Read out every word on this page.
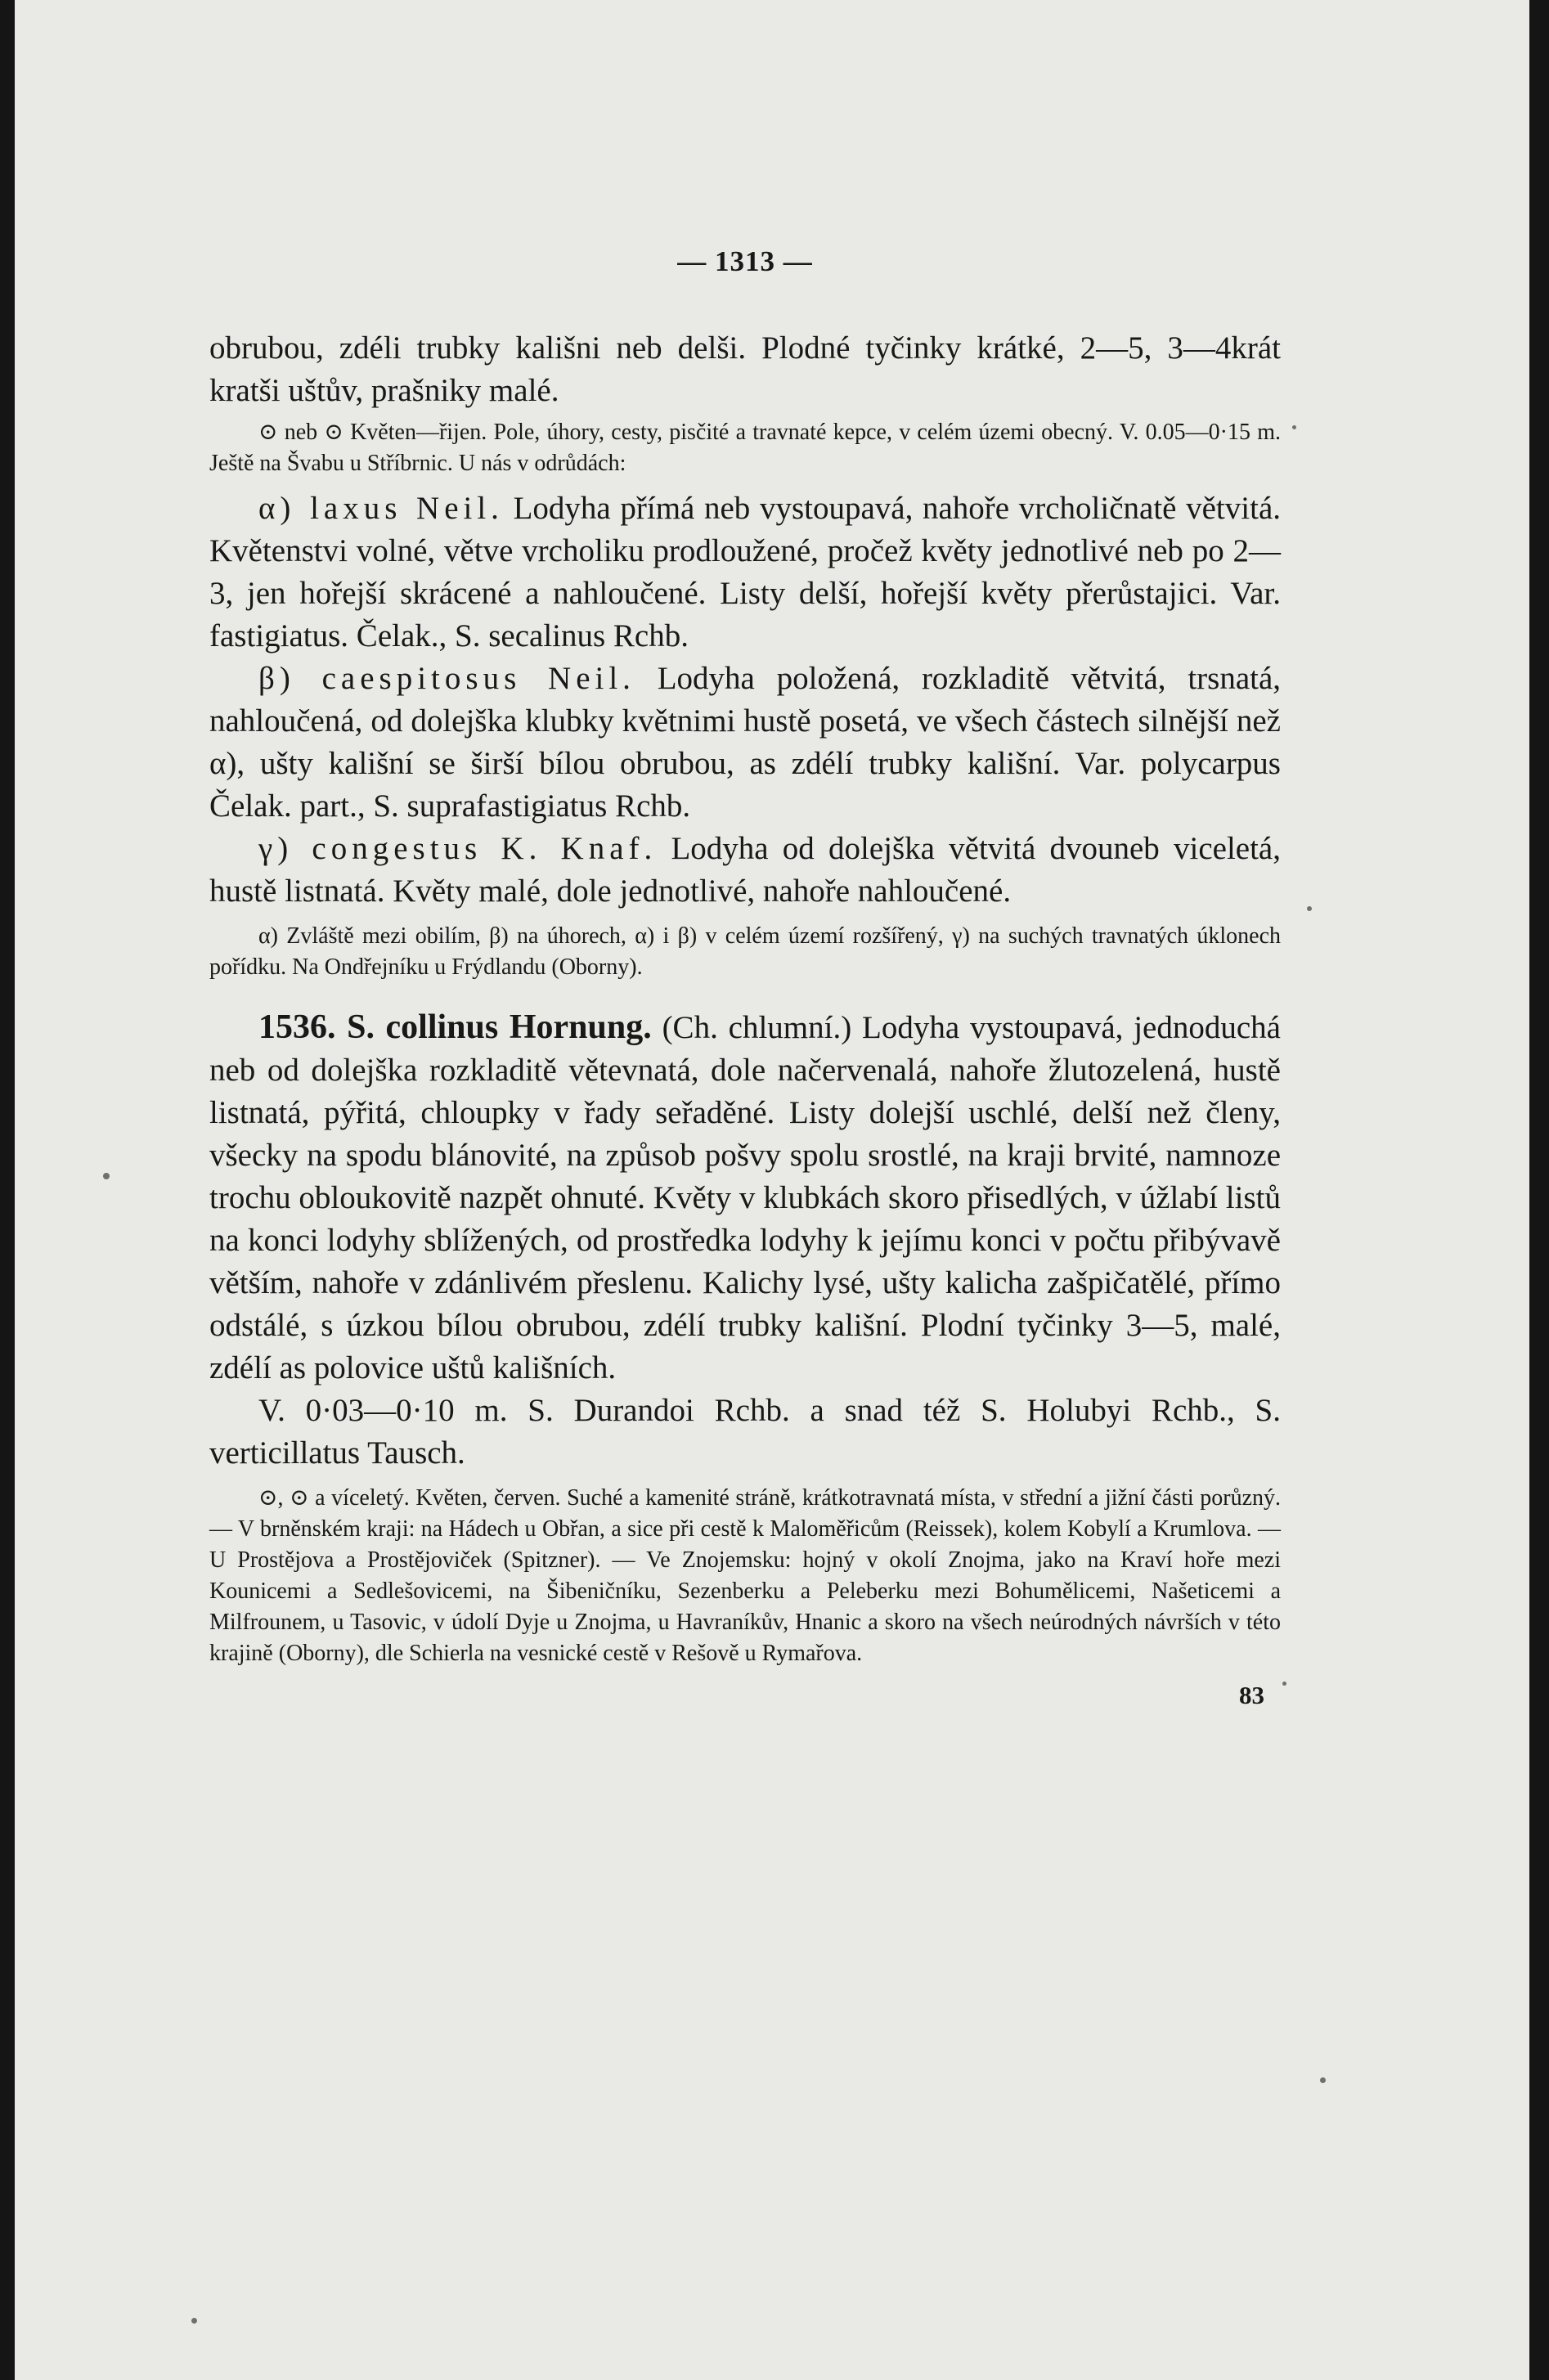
— 1313 —

obrubou, zdéli trubky kališni neb delši. Plodné tyčinky krátké, 2—5, 3—4krát kratši uštův, prašniky malé.

⊙ neb ⊙ Květen—řijen. Pole, úhory, cesty, pisčité a travnaté kepce, v celém územi obecný. V. 0.05—0·15 m. Ještě na Švabu u Stříbrnic. U nás v odrůdách:

α) laxus Neil. Lodyha přímá neb vystoupavá, nahoře vrcholičnatě větvitá. Květenstvi volné, větve vrcholiku prodloužené, pročež květy jednotlivé neb po 2—3, jen hořejší skrácené a nahloučené. Listy delší, hořejší květy přerůstajici. Var. fastigiatus. Čelak., S. secalinus Rchb.

β) caespitosus Neil. Lodyha položená, rozkladitě větvitá, trsnatá, nahloučená, od dolejška klubky květnimi hustě posetá, ve všech částech silnější než α), ušty kališní se širší bílou obrubou, as zdélí trubky kališní. Var. polycarpus Čelak. part., S. suprafastigiatus Rchb.

γ) congestus K. Knaf. Lodyha od dolejška větvitá dvouneb viceletá, hustě listnatá. Květy malé, dole jednotlivé, nahoře nahloučené.

α) Zvláště mezi obilím, β) na úhorech, α) i β) v celém území rozšířený, γ) na suchých travnatých úklonech pořídku. Na Ondřejníku u Frýdlandu (Oborny).

1536. S. collinus Hornung. (Ch. chlumní.) Lodyha vystoupavá, jednoduchá neb od dolejška rozkladitě větevnatá, dole načervenalá, nahoře žlutozelená, hustě listnatá, pýřitá, chloupky v řady seřaděné. Listy dolejší uschlé, delší než členy, všecky na spodu blánovité, na způsob pošvy spolu srostlé, na kraji brvité, namnoze trochu obloukovitě nazpět ohnuté. Květy v klubkách skoro přisedlých, v úžlabí listů na konci lodyhy sblížených, od prostředka lodyhy k jejímu konci v počtu přibývavě větším, nahoře v zdánlivém přeslenu. Kalichy lysé, ušty kalicha zašpičatělé, přímo odstálé, s úzkou bílou obrubou, zdélí trubky kališní. Plodní tyčinky 3—5, malé, zdélí as polovice uštů kališních.

V. 0·03—0·10 m. S. Durandoi Rchb. a snad též S. Holubyi Rchb., S. verticillatus Tausch.

⊙, ⊙ a víceletý. Květen, červen. Suché a kamenité stráně, krátkotravnatá místa, v střední a jižní části porůzný. — V brněnském kraji: na Hádech u Obřan, a sice při cestě k Maloměřicům (Reissek), kolem Kobylí a Krumlova. — U Prostějova a Prostějoviček (Spitzner). — Ve Znojemsku: hojný v okolí Znojma, jako na Kraví hoře mezi Kounicemi a Sedlešovicemi, na Šibeničníku, Sezenberku a Peleberku mezi Bohumělicemi, Našeticemi a Milfrounem, u Tasovic, v údolí Dyje u Znojma, u Havraníkův, Hnanic a skoro na všech neúrodných návrších v této krajině (Oborny), dle Schierla na vesnické cestě v Rešově u Rymařova.

83
